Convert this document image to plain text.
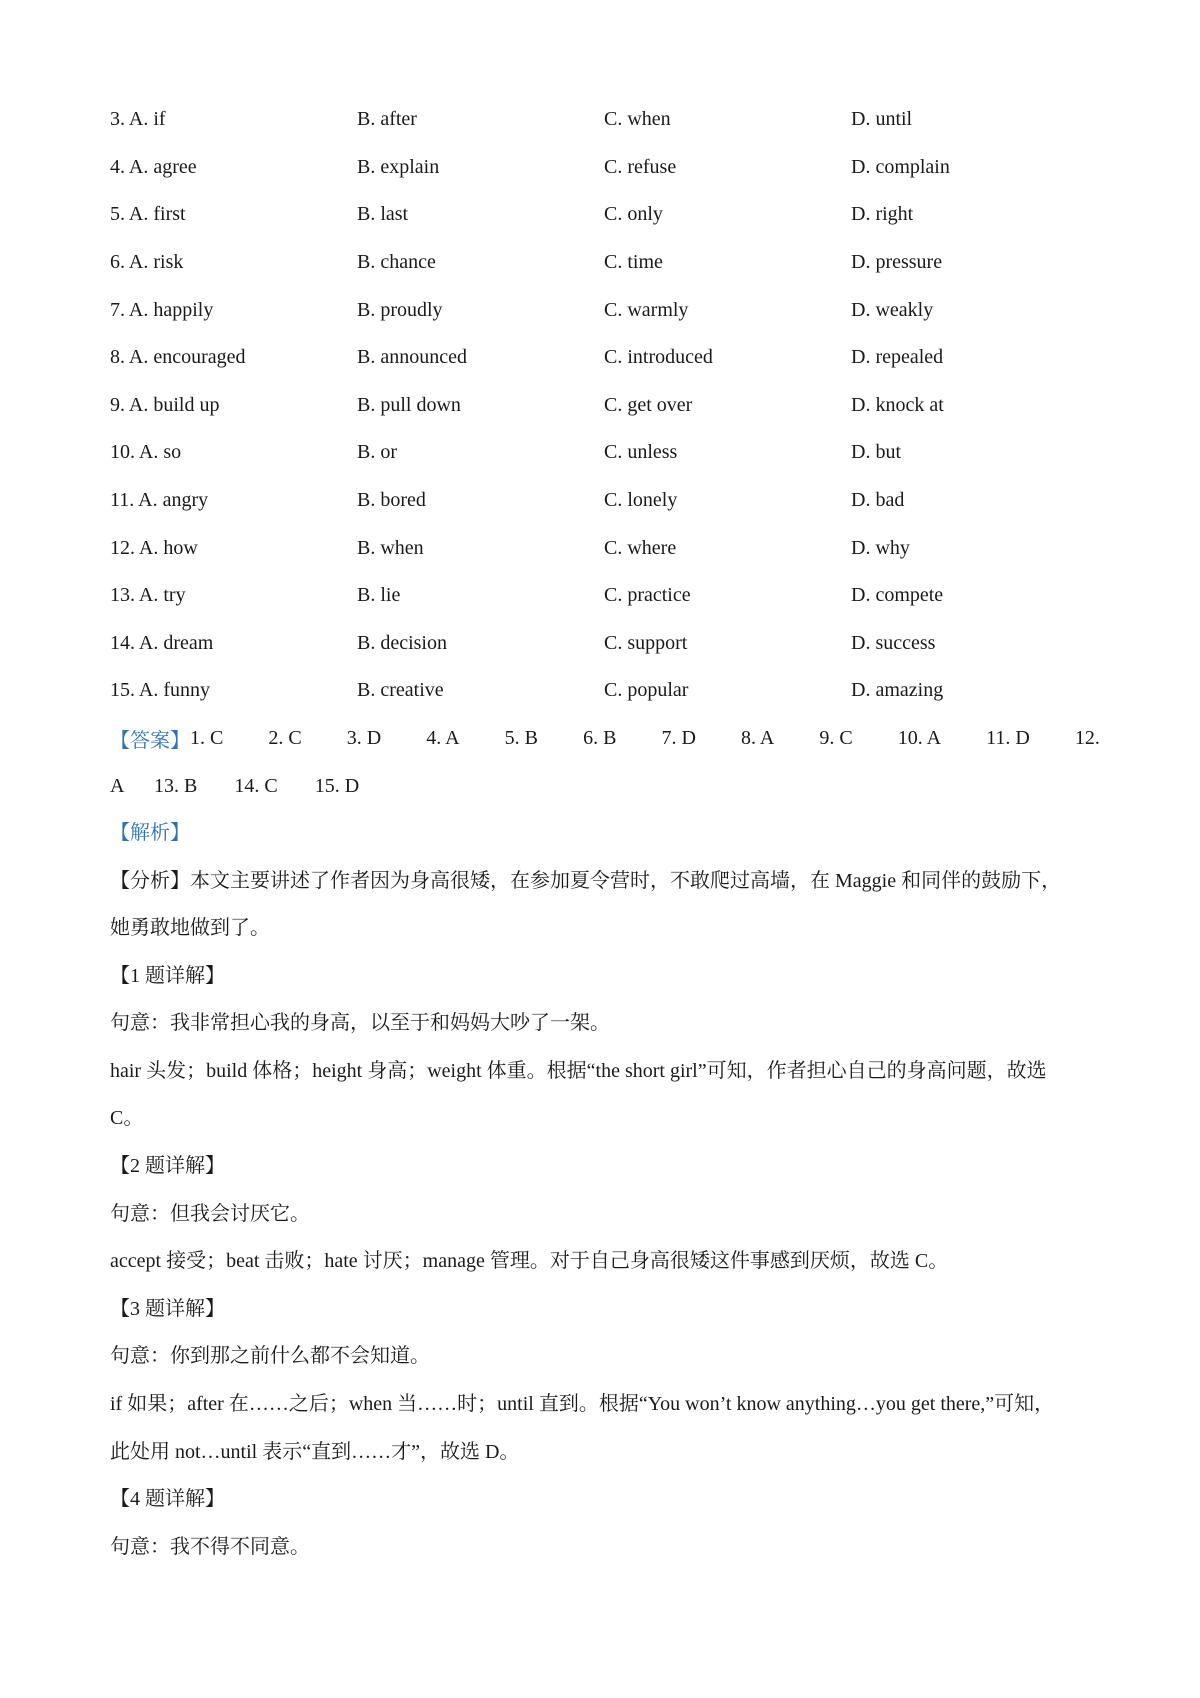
3. A. if	B. after	C. when	D. until
4. A. agree	B. explain	C. refuse	D. complain
5. A. first	B. last	C. only	D. right
6. A. risk	B. chance	C. time	D. pressure
7. A. happily	B. proudly	C. warmly	D. weakly
8. A. encouraged	B. announced	C. introduced	D. repealed
9. A. build up	B. pull down	C. get over	D. knock at
10. A. so	B. or	C. unless	D. but
11. A. angry	B. bored	C. lonely	D. bad
12. A. how	B. when	C. where	D. why
13. A. try	B. lie	C. practice	D. compete
14. A. dream	B. decision	C. support	D. success
15. A. funny	B. creative	C. popular	D. amazing
【答案】 1. C 2. C 3. D 4. A 5. B 6. B 7. D 8. A 9. C 10. A 11. D 12.
A	13. B 14. C 15. D
【解析】
【分析】本文主要讲述了作者因为身高很矮，在参加夏令营时，不敢爬过高墙，在 Maggie 和同伴的鼓励下，
她勇敢地做到了。
【1 题详解】
句意：我非常担心我的身高，以至于和妈妈大吵了一架。
hair 头发；build 体格；height 身高；weight 体重。根据“the short girl”可知，作者担心自己的身高问题，故选
C。
【2 题详解】
句意：但我会讨厌它。
accept 接受；beat 击败；hate 讨厌；manage 管理。对于自己身高很矮这件事感到厌烦，故选 C。
【3 题详解】
句意：你到那之前什么都不会知道。
if 如果；after 在……之后；when 当……时；until 直到。根据“You won’t know anything…you get there,”可知，
此处用 not…until 表示“直到……才”，故选 D。
【4 题详解】
句意：我不得不同意。
